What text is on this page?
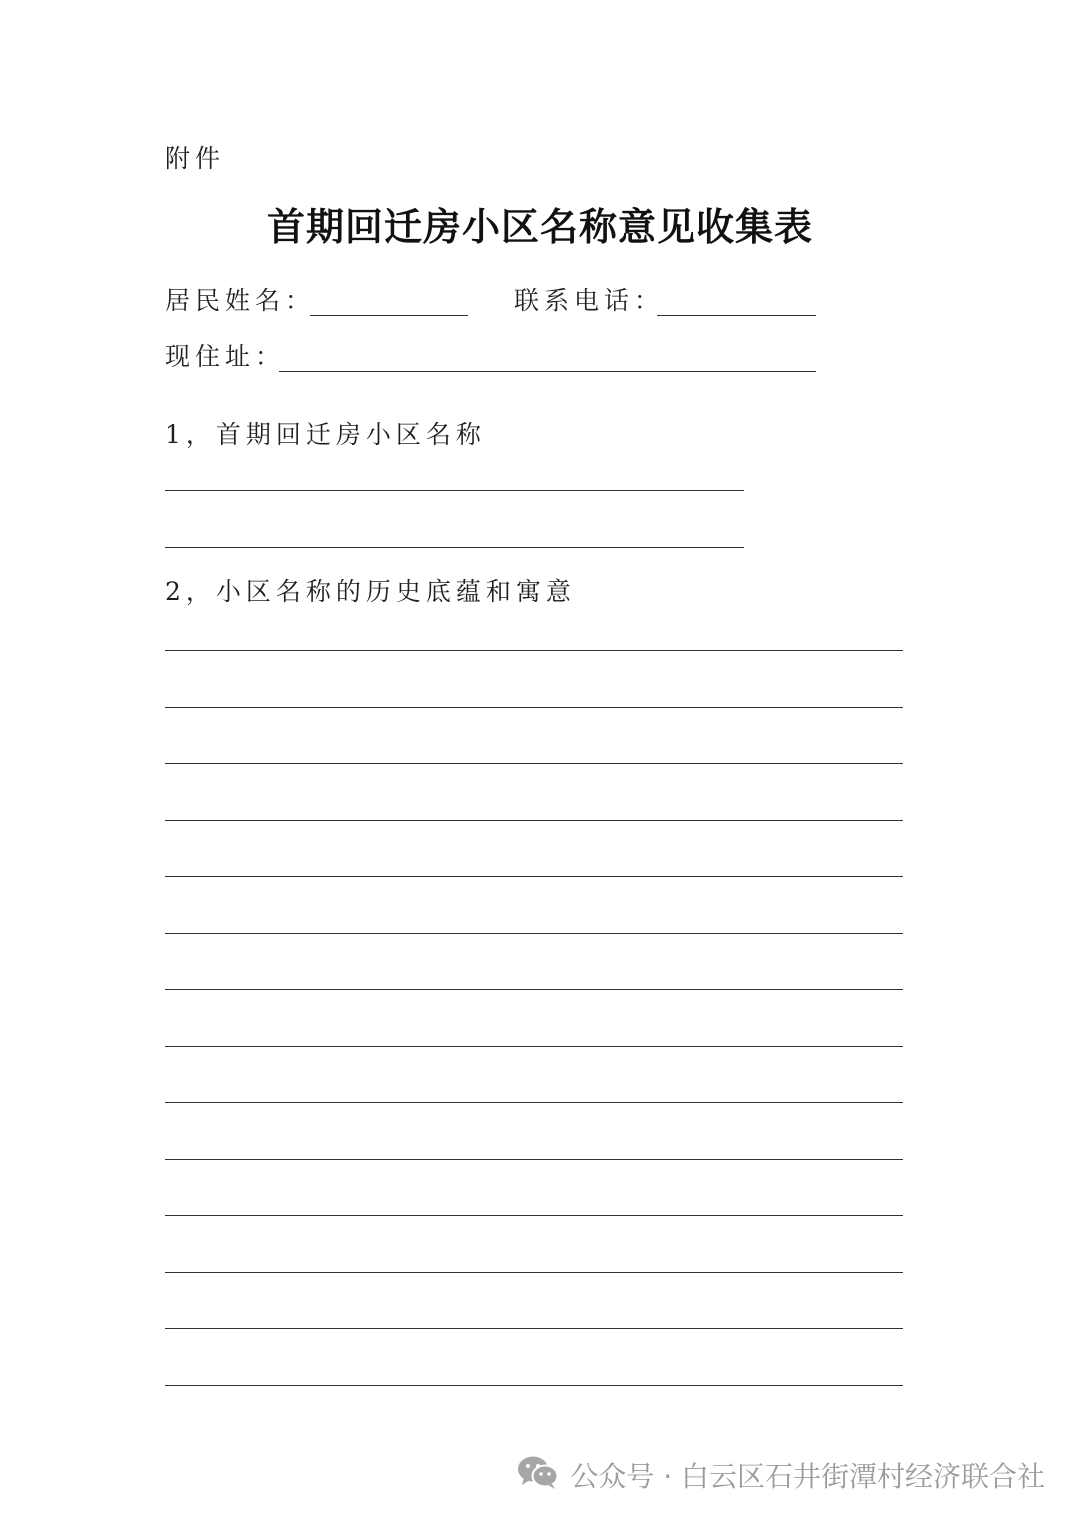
附件
首期回迁房小区名称意见收集表
居民姓名：	联系电话：
现住址：
1，首期回迁房小区名称
2，小区名称的历史底蕴和寓意
公众号 · 白云区石井街潭村经济联合社
